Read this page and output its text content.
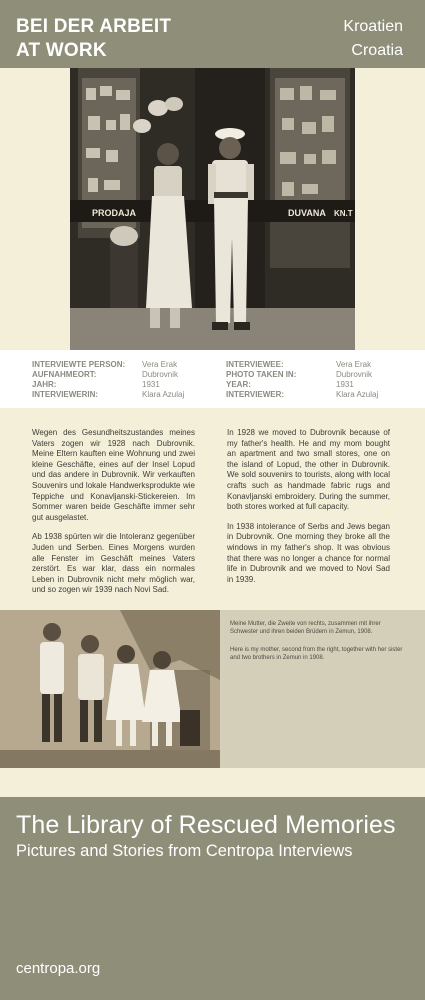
BEI DER ARBEIT
AT WORK
Kroatien
Croatia
PRODAJA	DUVANA KN.T
INTERVIEWTE PERSON:
AUFNAHMEORT:
JAHR:
INTERVIEWERIN:
Vera Erak
Dubrovnik
1931
Klara Azulaj
INTERVIEWEE:
PHOTO TAKEN IN:
YEAR:
INTERVIEWER:
Vera Erak
Dubrovnik
1931
Klara Azulaj

Wegen des Gesundheitszustandes meines Vaters zogen wir 1928 nach Dubrovnik. Meine Eltern kauften eine Wohnung und zwei kleine Geschäfte, eines auf der Insel Lopud und das andere in Dubrovnik. Wir verkauften Souvenirs und lokale Handwerksprodukte wie Teppiche und Konavljanski-Stickereien. Im Sommer waren beide Geschäfte immer sehr gut ausgelastet.

Ab 1938 spürten wir die Intoleranz gegenüber Juden und Serben. Eines Morgens wurden alle Fenster im Geschäft meines Vaters zerstört. Es war klar, dass ein normales Leben in Dubrovnik nicht mehr möglich war, und so zogen wir 1939 nach Novi Sad.

In 1928 we moved to Dubrovnik because of my father's health. He and my mom bought an apartment and two small stores, one on the island of Lopud, the other in Dubrovnik. We sold souvenirs to tourists, along with local crafts such as handmade fabric rugs and Konavljanski embroidery. During the summer, both stores worked at full capacity.

In 1938 intolerance of Serbs and Jews began in Dubrovnik. One morning they broke all the windows in my father's shop. It was obvious that there was no longer a chance for normal life in Dubrovnik and we moved to Novi Sad in 1939.

Meine Mutter, die Zweite von rechts, zusammen mit ihrer Schwester und ihren beiden Brüdern in Zemun, 1908.

Here is my mother, second from the right, together with her sister and two brothers in Zemun in 1908.

The Library of Rescued Memories
Pictures and Stories from Centropa Interviews
centropa.org
